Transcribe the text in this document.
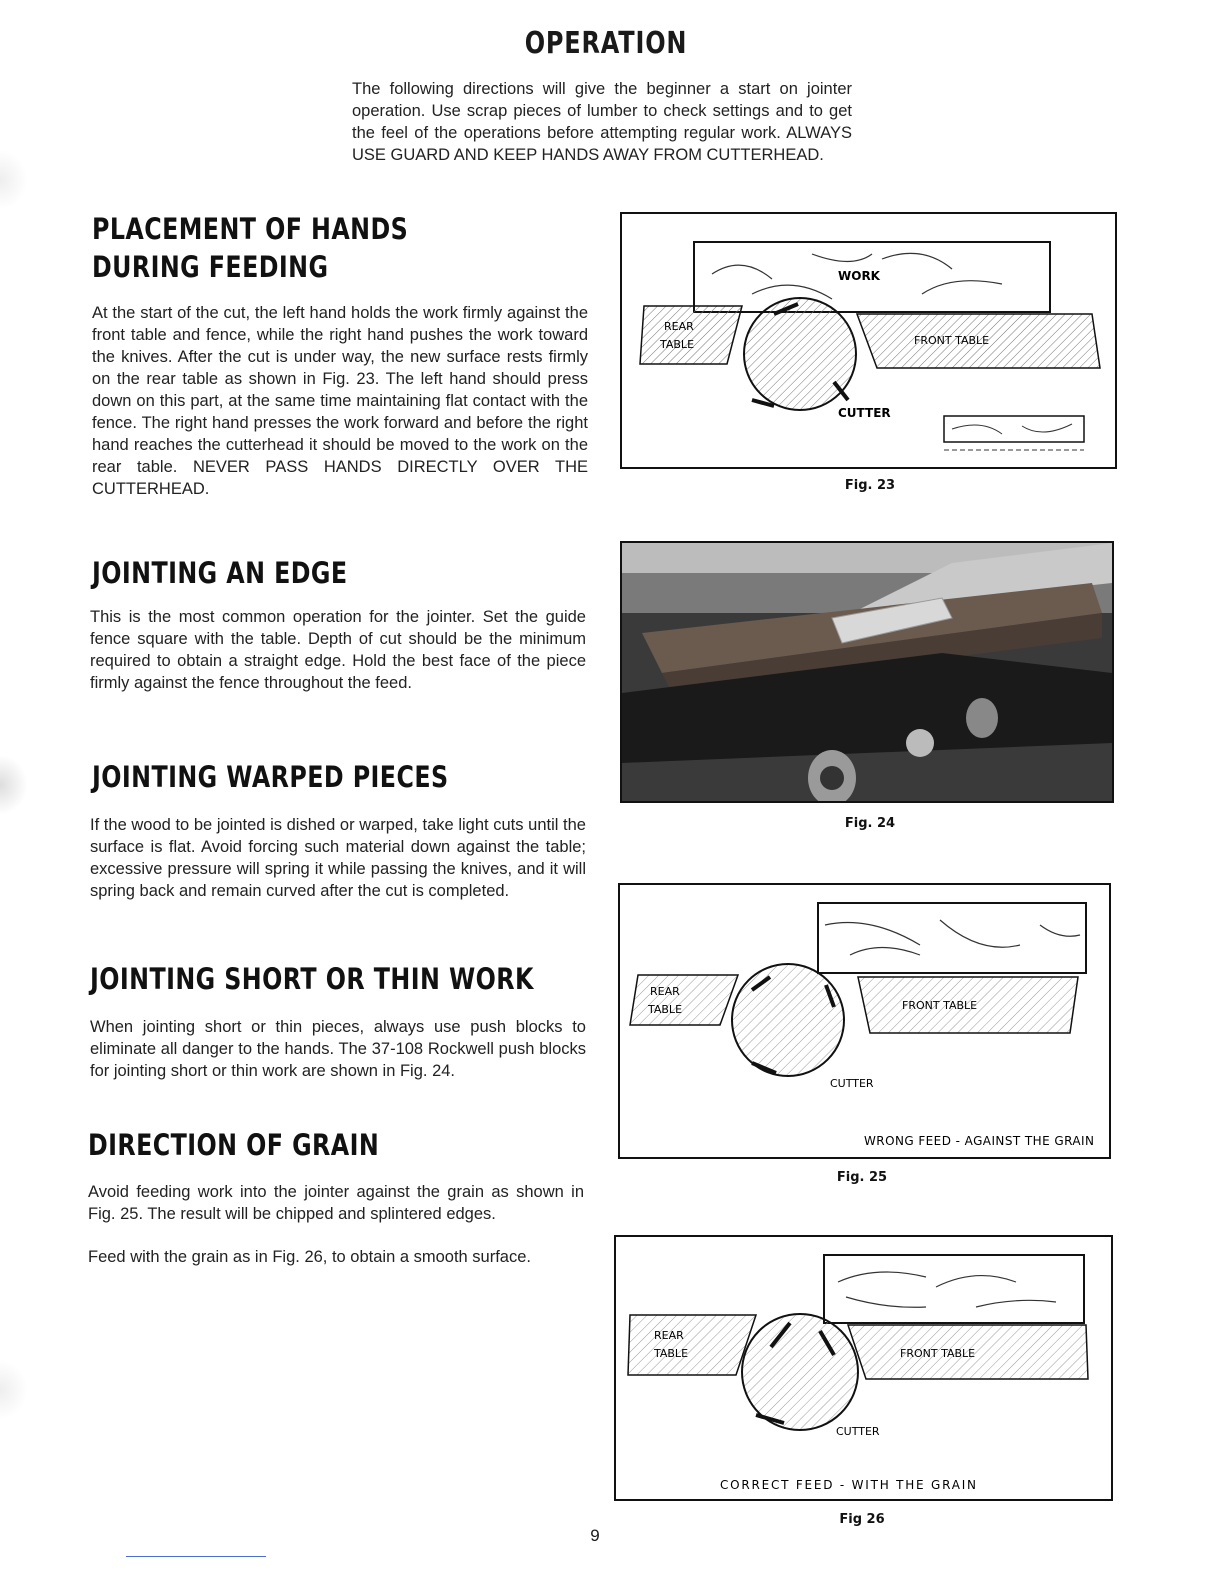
OPERATION
The following directions will give the beginner a start on jointer operation. Use scrap pieces of lumber to check settings and to get the feel of the operations before attempting regular work. ALWAYS USE GUARD AND KEEP HANDS AWAY FROM CUTTERHEAD.
PLACEMENT OF HANDS
DURING FEEDING
At the start of the cut, the left hand holds the work firmly against the front table and fence, while the right hand pushes the work toward the knives. After the cut is under way, the new surface rests firmly on the rear table as shown in Fig. 23. The left hand should press down on this part, at the same time maintaining flat contact with the fence. The right hand presses the work forward and before the right hand reaches the cutterhead it should be moved to the work on the rear table. NEVER PASS HANDS DIRECTLY OVER THE CUTTERHEAD.
JOINTING AN EDGE
This is the most common operation for the jointer. Set the guide fence square with the table. Depth of cut should be the minimum required to obtain a straight edge. Hold the best face of the piece firmly against the fence throughout the feed.
JOINTING WARPED PIECES
If the wood to be jointed is dished or warped, take light cuts until the surface is flat. Avoid forcing such material down against the table; excessive pressure will spring it while passing the knives, and it will spring back and remain curved after the cut is completed.
JOINTING SHORT OR THIN WORK
When jointing short or thin pieces, always use push blocks to eliminate all danger to the hands. The 37-108 Rockwell push blocks for jointing short or thin work are shown in Fig. 24.
DIRECTION OF GRAIN
Avoid feeding work into the jointer against the grain as shown in Fig. 25. The result will be chipped and splintered edges.
Feed with the grain as in Fig. 26, to obtain a smooth surface.
WORK
REAR
TABLE	FRONT TABLE
CUTTER
Fig. 23
Fig. 24
REAR
TABLE	FRONT TABLE
CUTTER
WRONG FEED - AGAINST THE GRAIN
Fig. 25
REAR
TABLE	FRONT TABLE
CUTTER
CORRECT FEED - WITH THE GRAIN
Fig 26
9
